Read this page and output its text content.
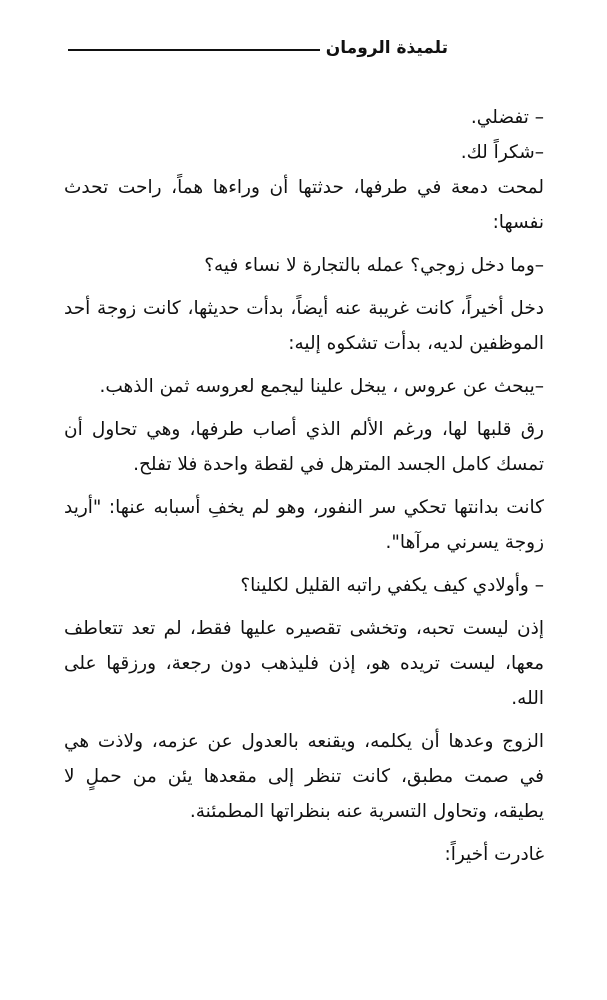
تلميذة الرومان

– تفضلي.

–شكراً لك.

لمحت دمعة في طرفها، حدثتها أن وراءها هماً، راحت تحدث نفسها:

–وما دخل زوجي؟ عمله بالتجارة لا نساء فيه؟

دخل أخيراً، كانت غريبة عنه أيضاً، بدأت حديثها، كانت زوجة أحد الموظفين لديه، بدأت تشكوه إليه:

–يبحث عن عروس ، يبخل علينا ليجمع لعروسه ثمن الذهب.

رق قلبها لها، ورغم الألم الذي أصاب طرفها، وهي تحاول أن تمسك كامل الجسد المترهل في لقطة واحدة فلا تفلح.

كانت بدانتها تحكي سر النفور، وهو لم يخفِ أسبابه عنها: "أريد زوجة يسرني مرآها".

– وأولادي كيف يكفي راتبه القليل لكلينا؟

إذن ليست تحبه، وتخشى تقصيره عليها فقط، لم تعد تتعاطف معها، ليست تريده هو، إذن فليذهب دون رجعة، ورزقها على الله.

الزوج وعدها أن يكلمه، ويقنعه بالعدول عن عزمه، ولاذت هي في صمت مطبق، كانت تنظر إلى مقعدها يئن من حملٍ لا يطيقه، وتحاول التسرية عنه بنظراتها المطمئنة.

غادرت أخيراً:
